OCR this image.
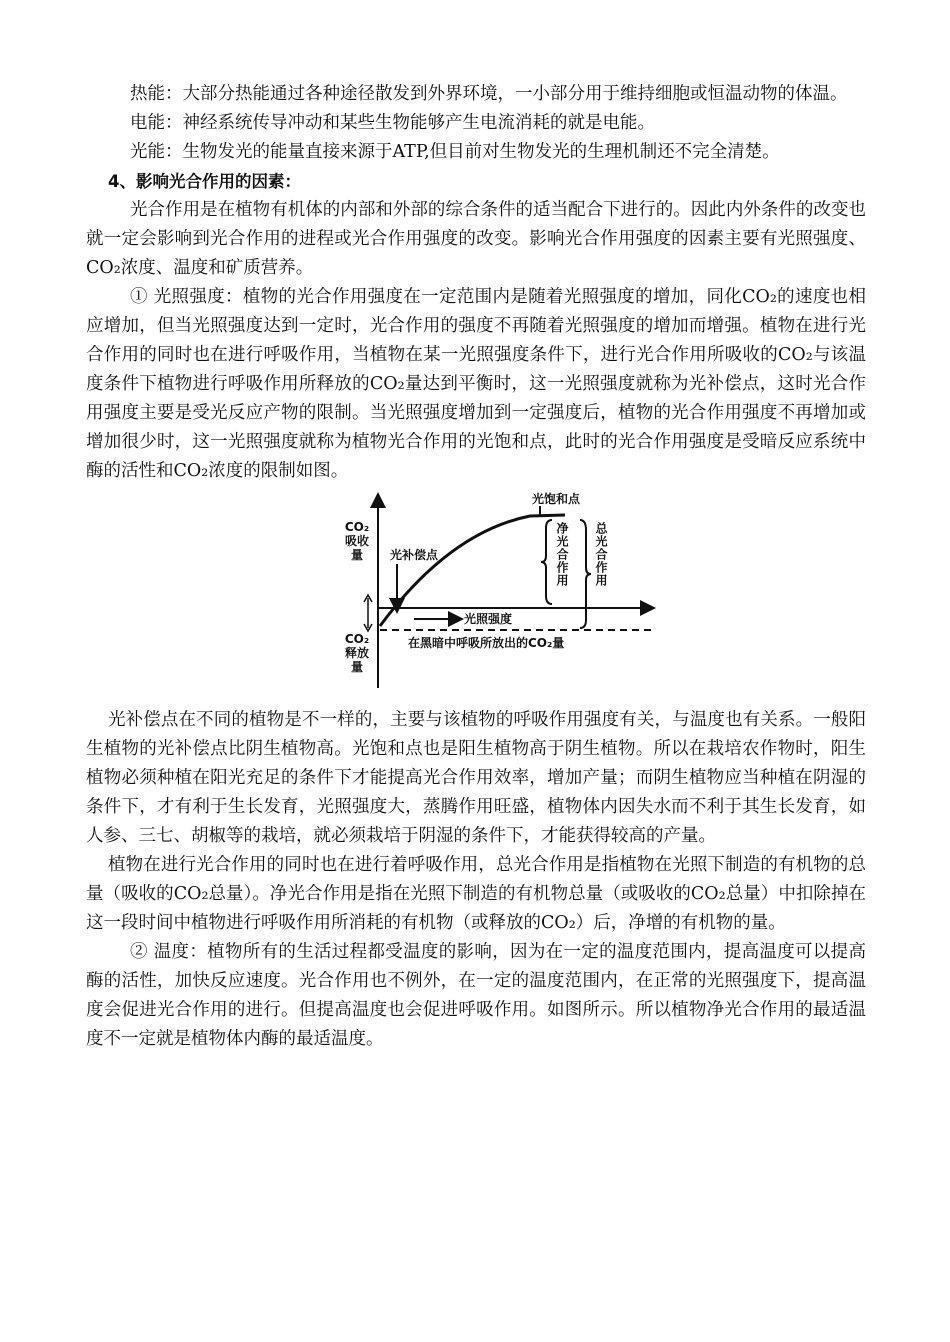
热能：大部分热能通过各种途径散发到外界环境，一小部分用于维持细胞或恒温动物的体温。

电能：神经系统传导冲动和某些生物能够产生电流消耗的就是电能。

光能：生物发光的能量直接来源于ATP,但目前对生物发光的生理机制还不完全清楚。

4、影响光合作用的因素：

光合作用是在植物有机体的内部和外部的综合条件的适当配合下进行的。因此内外条件的改变也就一定会影响到光合作用的进程或光合作用强度的改变。影响光合作用强度的因素主要有光照强度、CO₂浓度、温度和矿质营养。

① 光照强度：植物的光合作用强度在一定范围内是随着光照强度的增加，同化CO₂的速度也相应增加，但当光照强度达到一定时，光合作用的强度不再随着光照强度的增加而增强。植物在进行光合作用的同时也在进行呼吸作用，当植物在某一光照强度条件下，进行光合作用所吸收的CO₂与该温度条件下植物进行呼吸作用所释放的CO₂量达到平衡时，这一光照强度就称为光补偿点，这时光合作用强度主要是受光反应产物的限制。当光照强度增加到一定强度后，植物的光合作用强度不再增加或增加很少时，这一光照强度就称为植物光合作用的光饱和点，此时的光合作用强度是受暗反应系统中酶的活性和CO₂浓度的限制如图。

光饱和点
CO₂吸收量	光补偿点	净光合作用 总光合作用
光照强度
CO₂释放量
在黑暗中呼吸所放出的CO₂量

光补偿点在不同的植物是不一样的，主要与该植物的呼吸作用强度有关，与温度也有关系。一般阳生植物的光补偿点比阴生植物高。光饱和点也是阳生植物高于阴生植物。所以在栽培农作物时，阳生植物必须种植在阳光充足的条件下才能提高光合作用效率，增加产量；而阴生植物应当种植在阴湿的条件下，才有利于生长发育，光照强度大，蒸腾作用旺盛，植物体内因失水而不利于其生长发育，如人参、三七、胡椒等的栽培，就必须栽培于阴湿的条件下，才能获得较高的产量。

植物在进行光合作用的同时也在进行着呼吸作用，总光合作用是指植物在光照下制造的有机物的总量（吸收的CO₂总量）。净光合作用是指在光照下制造的有机物总量（或吸收的CO₂总量）中扣除掉在这一段时间中植物进行呼吸作用所消耗的有机物（或释放的CO₂）后，净增的有机物的量。

② 温度：植物所有的生活过程都受温度的影响，因为在一定的温度范围内，提高温度可以提高酶的活性，加快反应速度。光合作用也不例外，在一定的温度范围内，在正常的光照强度下，提高温度会促进光合作用的进行。但提高温度也会促进呼吸作用。如图所示。所以植物净光合作用的最适温度不一定就是植物体内酶的最适温度。
